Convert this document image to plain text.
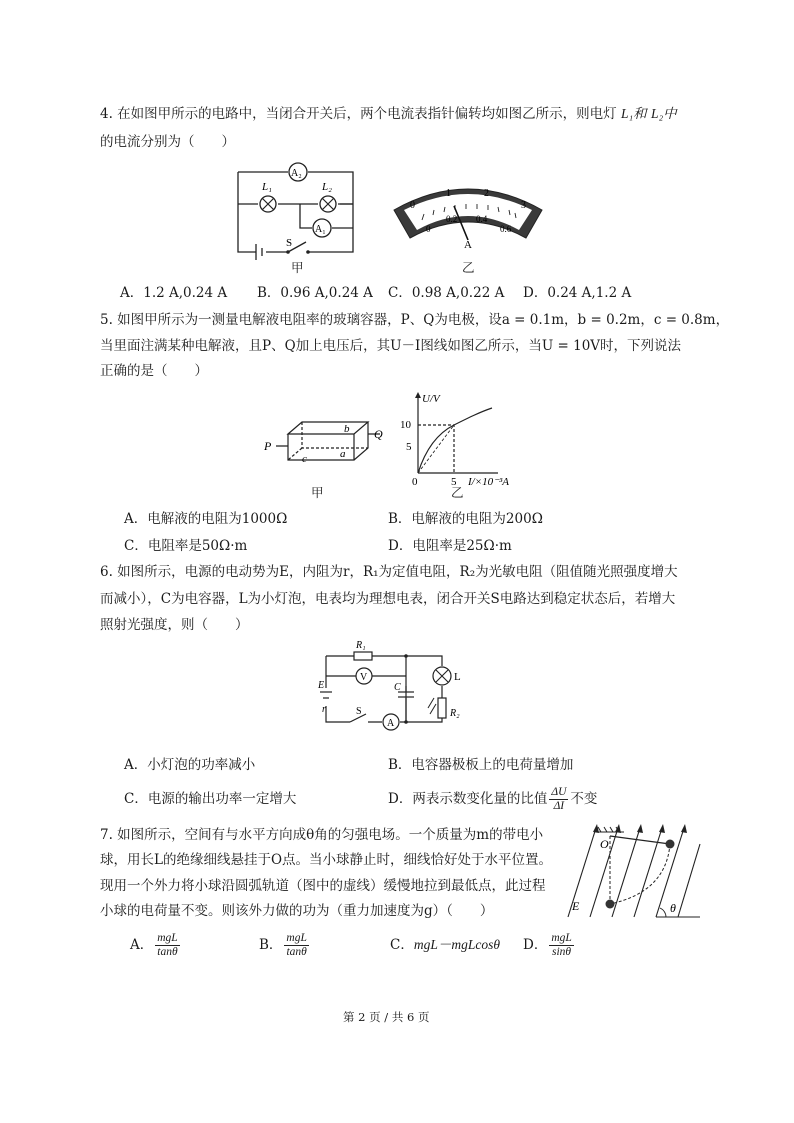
4. 在如图甲所示的电路中，当闭合开关后，两个电流表指针偏转均如图乙所示，则电灯 L₁和 L₂中
的电流分别为（　　）
A₂
A₁
L₁	L₂
S
甲
0
1	2
3
0
0.2 0.4
0.6
A
乙
A．1.2 A,0.24 A B．0.96 A,0.24 A C．0.98 A,0.22 A D．0.24 A,1.2 A
5. 如图甲所示为一测量电解液电阻率的玻璃容器，P、Q为电极，设a = 0.1m，b = 0.2m，c = 0.8m，
当里面注满某种电解液，且P、Q加上电压后，其U－I图线如图乙所示，当U = 10V时，下列说法
正确的是（　　）
P
Q
a
b
c
甲
U/V
10
5
0	5 I/×10⁻³A
乙
A．电解液的电阻为1000Ω	B．电解液的电阻为200Ω
C．电阻率是50Ω·m	D．电阻率是25Ω·m
6. 如图所示，电源的电动势为E，内阻为r，R₁为定值电阻，R₂为光敏电阻（阻值随光照强度增大
而减小），C为电容器，L为小灯泡，电表均为理想电表，闭合开关S电路达到稳定状态后，若增大
照射光强度，则（　　）
V
A
R₁
E
r
C
L
R₂
S
A．小灯泡的功率减小	B．电容器极板上的电荷量增加
C．电源的输出功率一定增大	D．两表示数变化量的比值 $\frac{\Delta U}{\Delta I}$ 不变
7. 如图所示，空间有与水平方向成θ角的匀强电场。一个质量为m的带电小
球，用长L的绝缘细线悬挂于O点。当小球静止时，细线恰好处于水平位置。
现用一个外力将小球沿圆弧轨道（图中的虚线）缓慢地拉到最低点，此过程
小球的电荷量不变。则该外力做的功为（重力加速度为g）（　　）
O
E	θ
A． $\frac{\text{mgL}}{\tan\theta}$	B． $\frac{\text{mgL}}{\tan\theta}$	C．mgL－mgLcosθ D． $\frac{\text{mgL}}{\sin\theta}$
第 2 页 / 共 6 页
